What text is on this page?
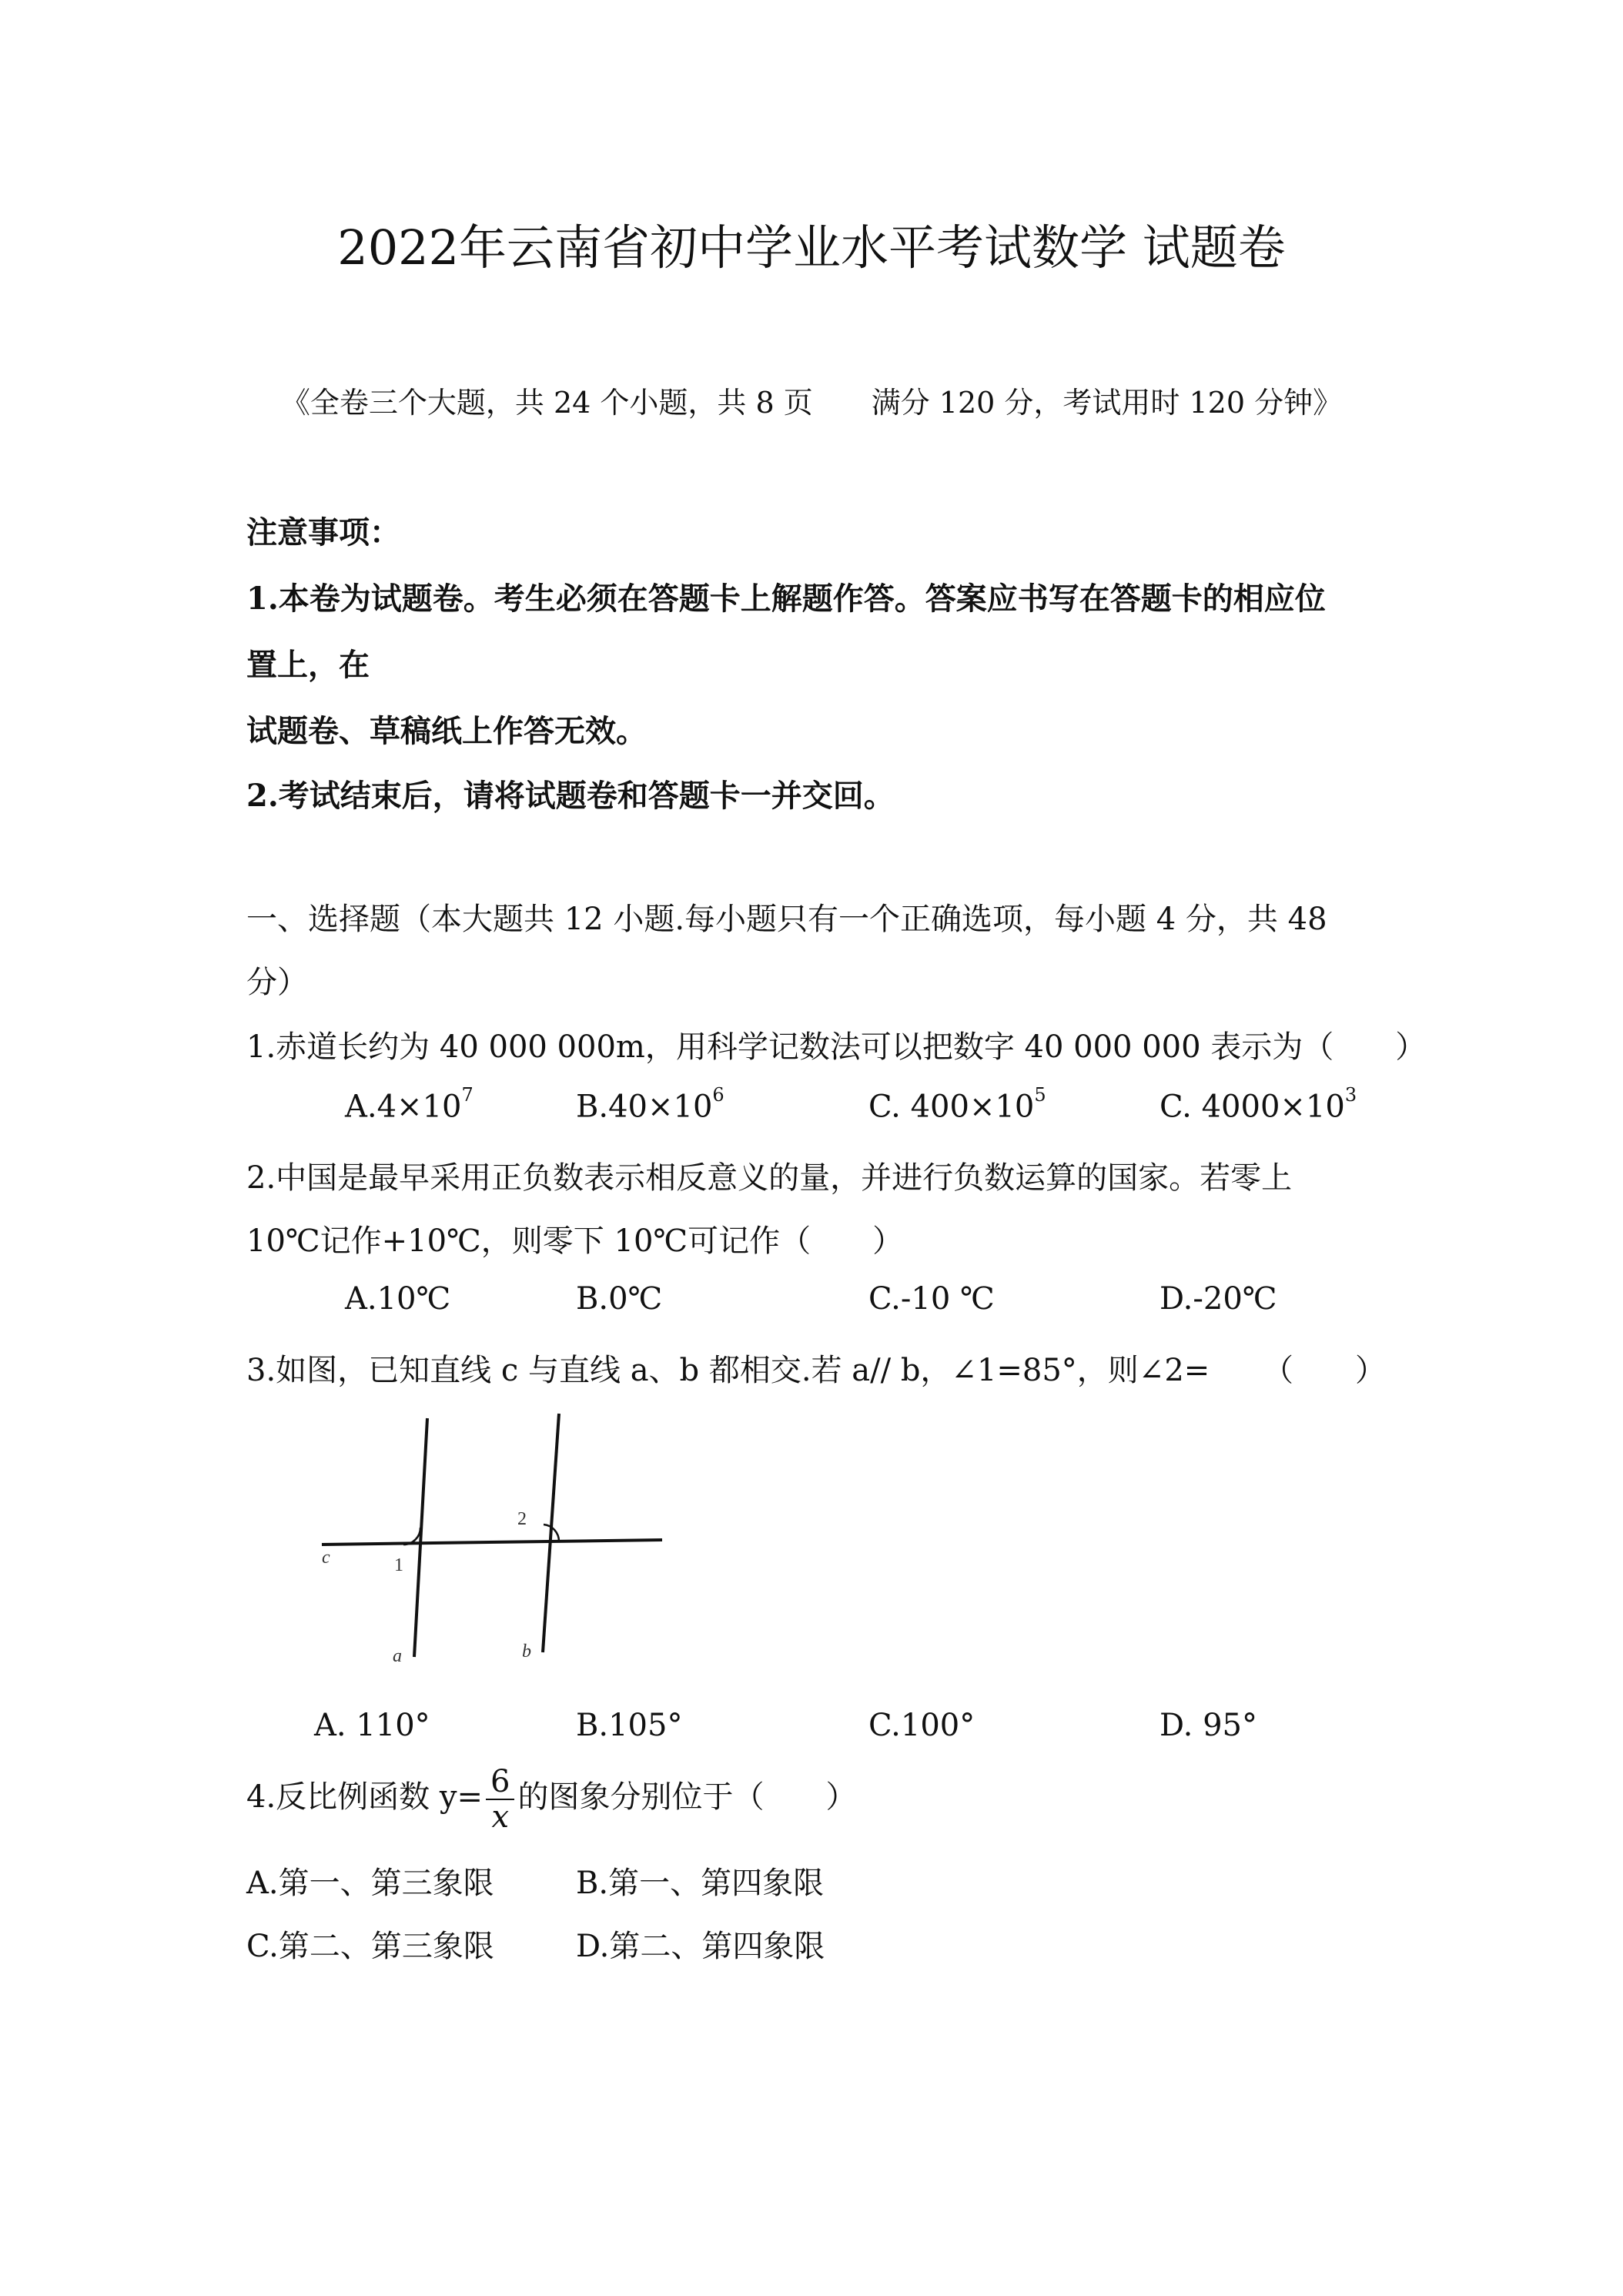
2022年云南省初中学业水平考试数学 试题卷
《全卷三个大题，共 24 个小题，共 8 页　　满分 120 分，考试用时 120 分钟》
注意事项：
1.本卷为试题卷。考生必须在答题卡上解题作答。答案应书写在答题卡的相应位
置上，在
试题卷、草稿纸上作答无效。
2.考试结束后，请将试题卷和答题卡一并交回。
一、选择题（本大题共 12 小题.每小题只有一个正确选项，每小题 4 分，共 48
分）
1.赤道长约为 40 000 000m，用科学记数法可以把数字 40 000 000 表示为（　　）
$A.4\times 10^7$	$B.40\times 10^6$	C. $400\times 10^5$	C. $4000\times 10^3$
2.中国是最早采用正负数表示相反意义的量，并进行负数运算的国家。若零上
10℃记作+10℃，则零下 10℃可记作（　　）
A.10℃	B.0℃	C.-10 ℃	D.-20℃
3.如图，已知直线 c 与直线 a、b 都相交.若 a// b，∠1=85°，则∠2= （　　）
c	1
2
a	b
A. 110°	B.105°	C.100°	D. 95°
4.反比例函数 $y= \frac{6}{x}$ 的图象分别位于（　　）
A.第一、第三象限	B.第一、第四象限
C.第二、第三象限	D.第二、第四象限
